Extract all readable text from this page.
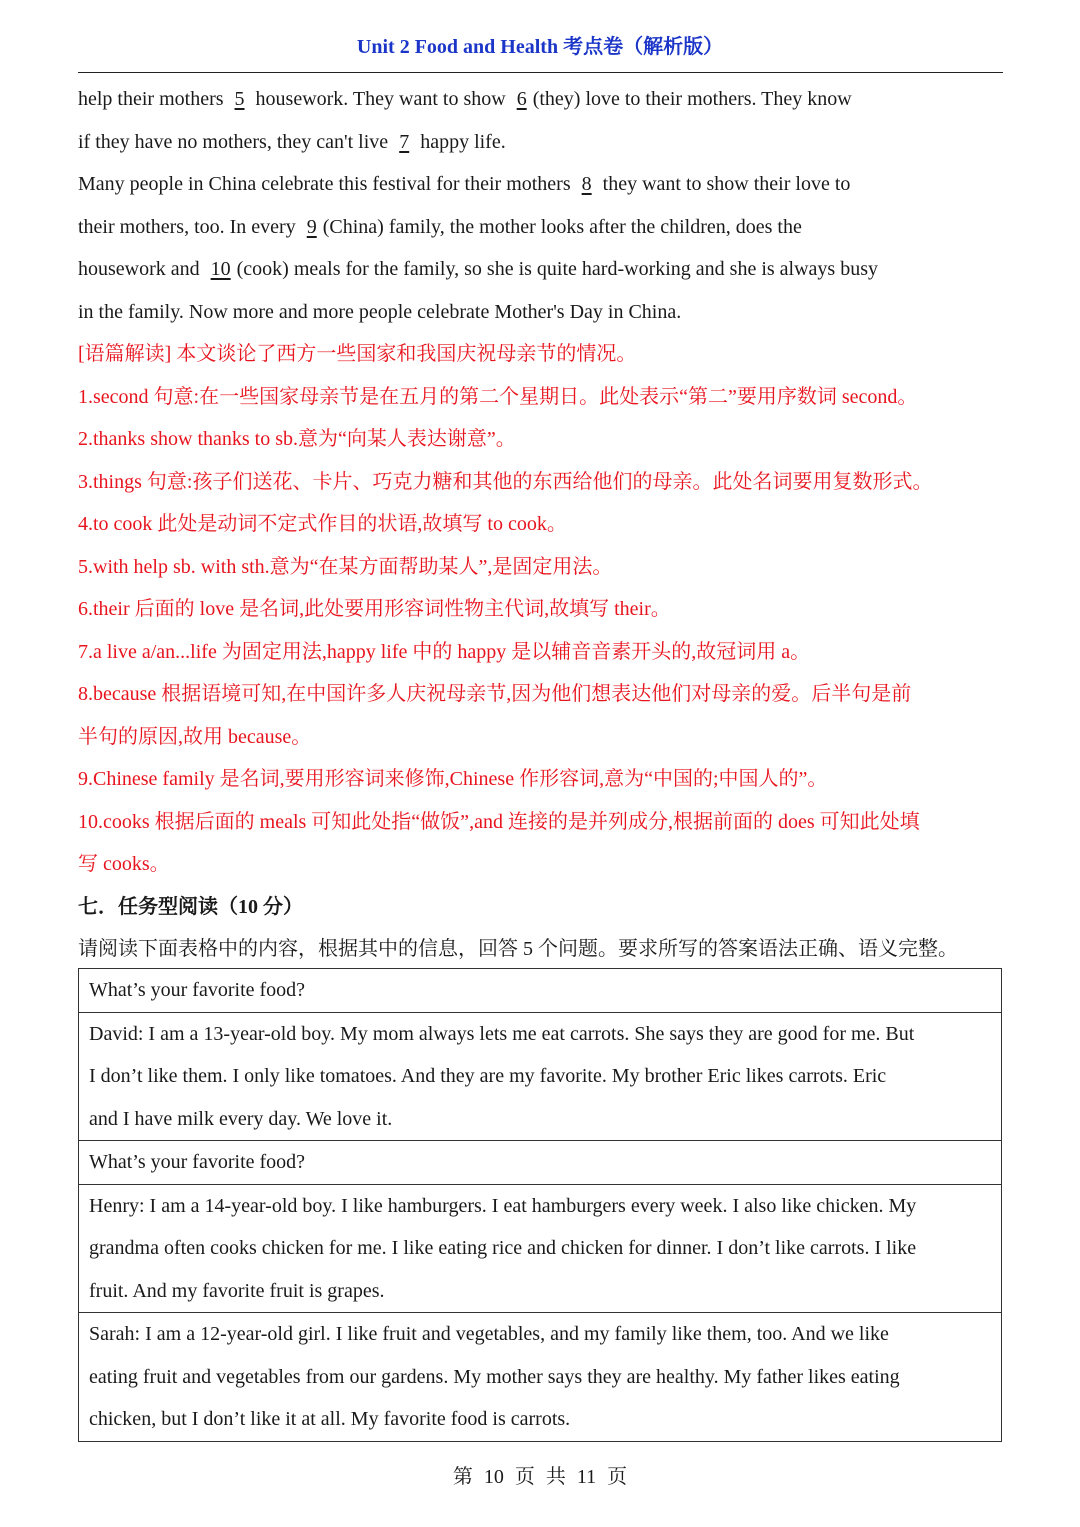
Unit 2 Food and Health 考点卷（解析版）
help their mothers 5 housework. They want to show 6 (they) love to their mothers. They know
if they have no mothers, they can't live 7 happy life.
Many people in China celebrate this festival for their mothers 8 they want to show their love to
their mothers, too. In every 9 (China) family, the mother looks after the children, does the
housework and 10 (cook) meals for the family, so she is quite hard-working and she is always busy
in the family. Now more and more people celebrate Mother's Day in China.
[语篇解读] 本文谈论了西方一些国家和我国庆祝母亲节的情况。
1.second 句意:在一些国家母亲节是在五月的第二个星期日。此处表示“第二”要用序数词 second。
2.thanks show thanks to sb.意为“向某人表达谢意”。
3.things 句意:孩子们送花、卡片、巧克力糖和其他的东西给他们的母亲。此处名词要用复数形式。
4.to cook 此处是动词不定式作目的状语,故填写 to cook。
5.with help sb. with sth.意为“在某方面帮助某人”,是固定用法。
6.their 后面的 love 是名词,此处要用形容词性物主代词,故填写 their。
7.a live a/an...life 为固定用法,happy life 中的 happy 是以辅音音素开头的,故冠词用 a。
8.because 根据语境可知,在中国许多人庆祝母亲节,因为他们想表达他们对母亲的爱。后半句是前
半句的原因,故用 because。
9.Chinese family 是名词,要用形容词来修饰,Chinese 作形容词,意为“中国的;中国人的”。
10.cooks 根据后面的 meals 可知此处指“做饭”,and 连接的是并列成分,根据前面的 does 可知此处填
写 cooks。
七．任务型阅读（10 分）
请阅读下面表格中的内容，根据其中的信息，回答 5 个问题。要求所写的答案语法正确、语义完整。
What’s your favorite food?

David: I am a 13-year-old boy. My mom always lets me eat carrots. She says they are good for me. But
I don’t like them. I only like tomatoes. And they are my favorite. My brother Eric likes carrots. Eric
and I have milk every day. We love it.

What’s your favorite food?

Henry: I am a 14-year-old boy. I like hamburgers. I eat hamburgers every week. I also like chicken. My
grandma often cooks chicken for me. I like eating rice and chicken for dinner. I don’t like carrots. I like
fruit. And my favorite fruit is grapes.

Sarah: I am a 12-year-old girl. I like fruit and vegetables, and my family like them, too. And we like
eating fruit and vegetables from our gardens. My mother says they are healthy. My father likes eating
chicken, but I don’t like it at all. My favorite food is carrots.
第 10 页 共 11 页
